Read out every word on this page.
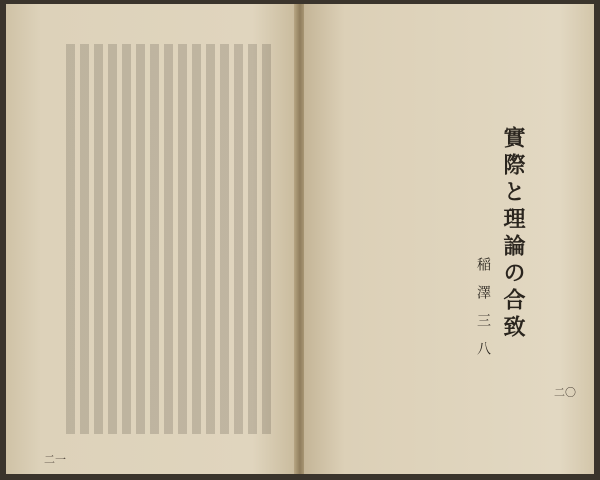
二一
實際と理論の合致
稲澤三八
二〇
